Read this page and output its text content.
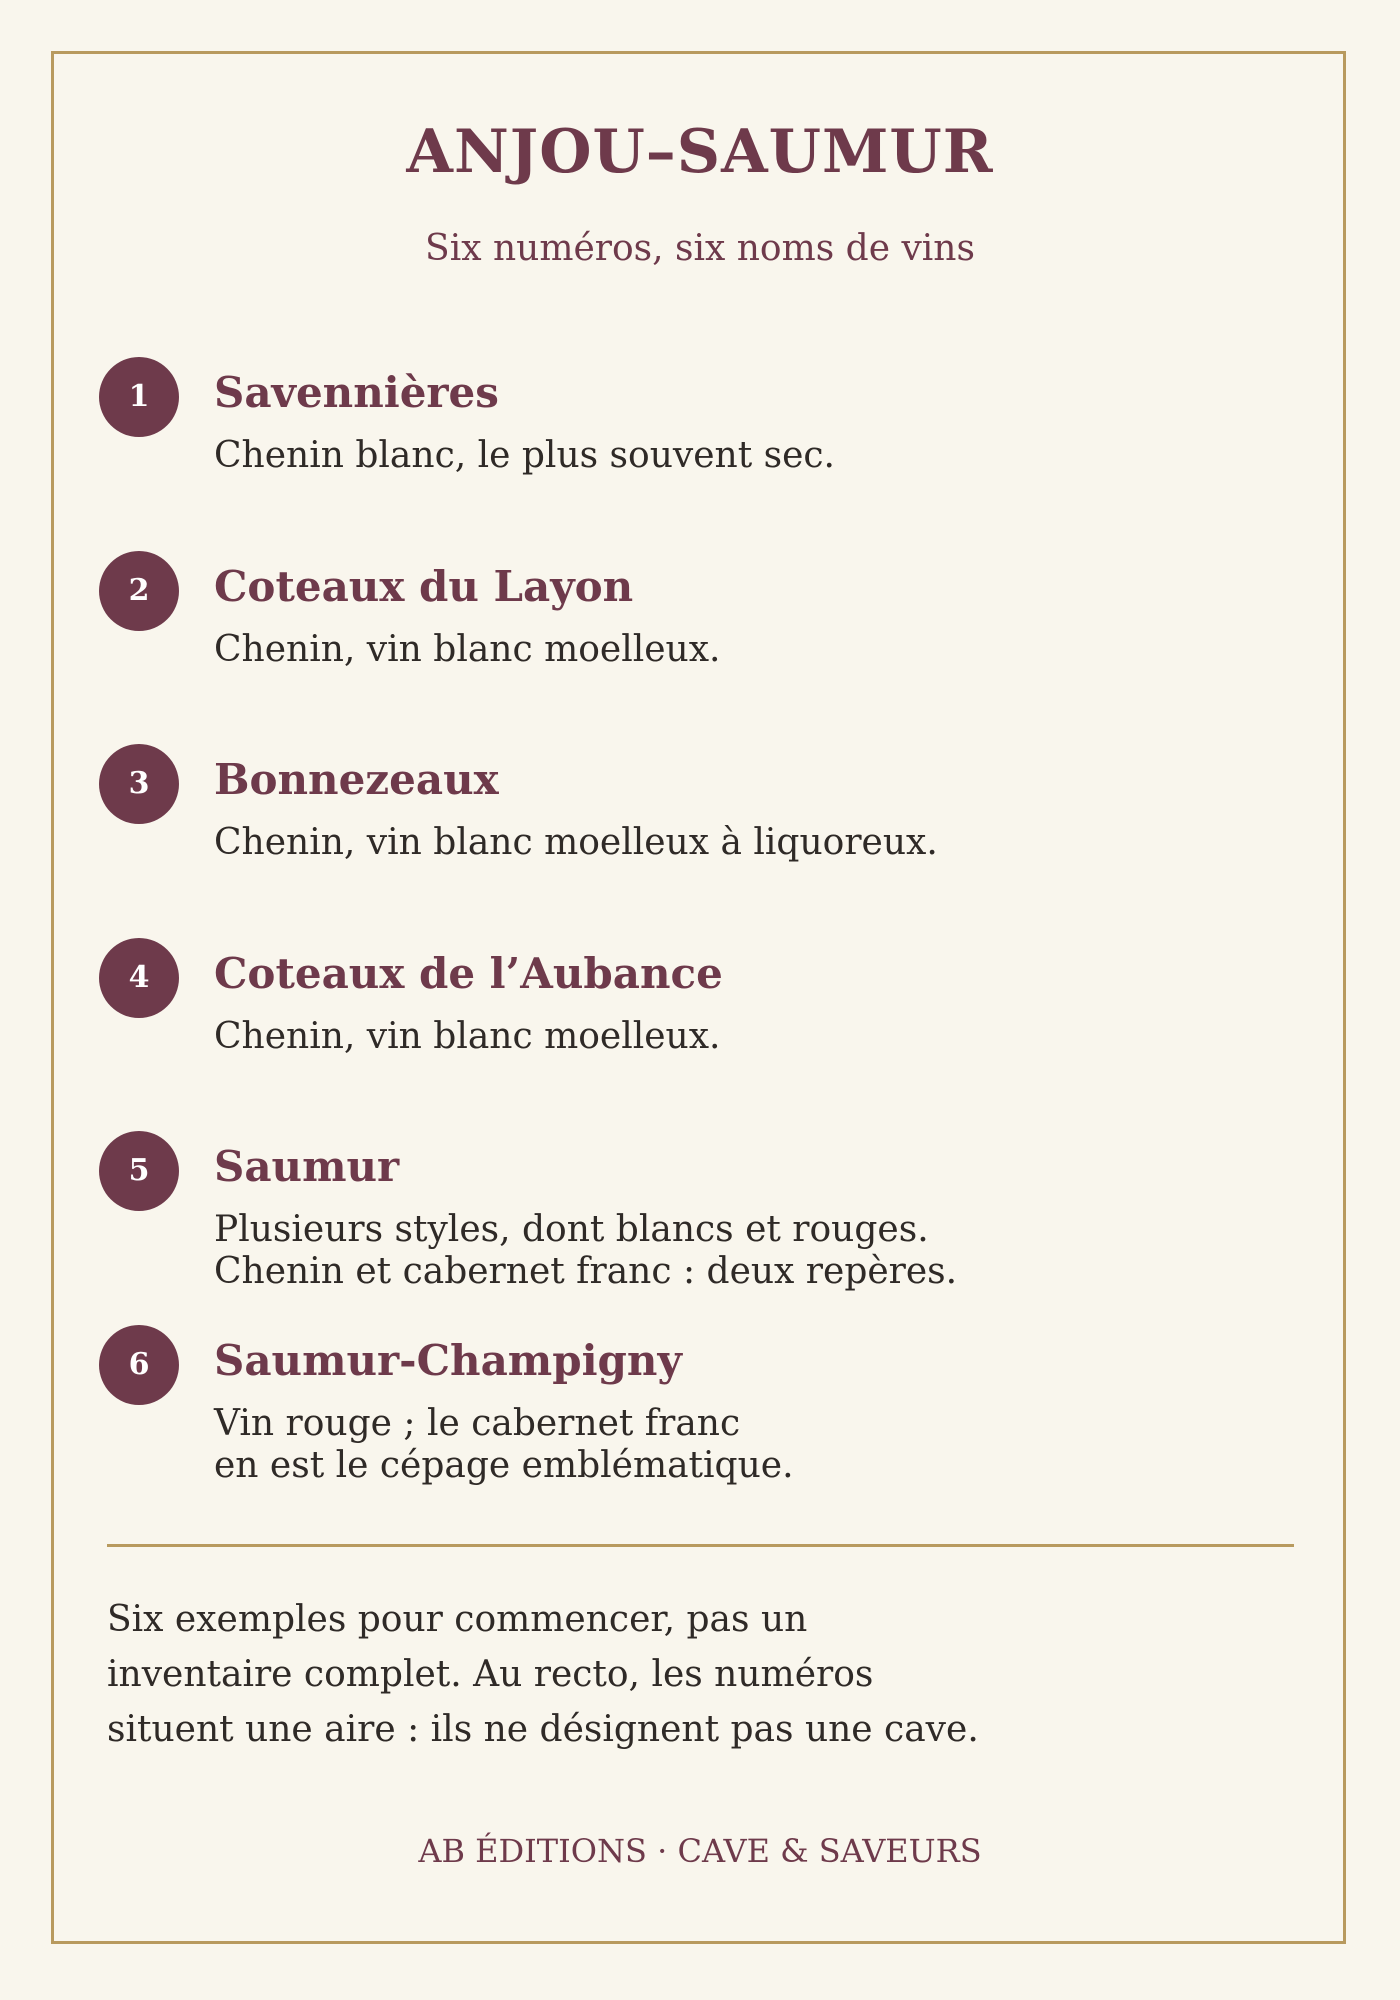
ANJOU–SAUMUR
Six numéros, six noms de vins
1	Savennières
Chenin blanc, le plus souvent sec.
2	Coteaux du Layon
Chenin, vin blanc moelleux.
3	Bonnezeaux
Chenin, vin blanc moelleux à liquoreux.
4	Coteaux de l’Aubance
Chenin, vin blanc moelleux.
5	Saumur
Plusieurs styles, dont blancs et rouges.
Chenin et cabernet franc : deux repères.
6	Saumur-Champigny
Vin rouge ; le cabernet franc
en est le cépage emblématique.
Six exemples pour commencer, pas un
inventaire complet. Au recto, les numéros
situent une aire : ils ne désignent pas une cave.
AB ÉDITIONS · CAVE & SAVEURS
